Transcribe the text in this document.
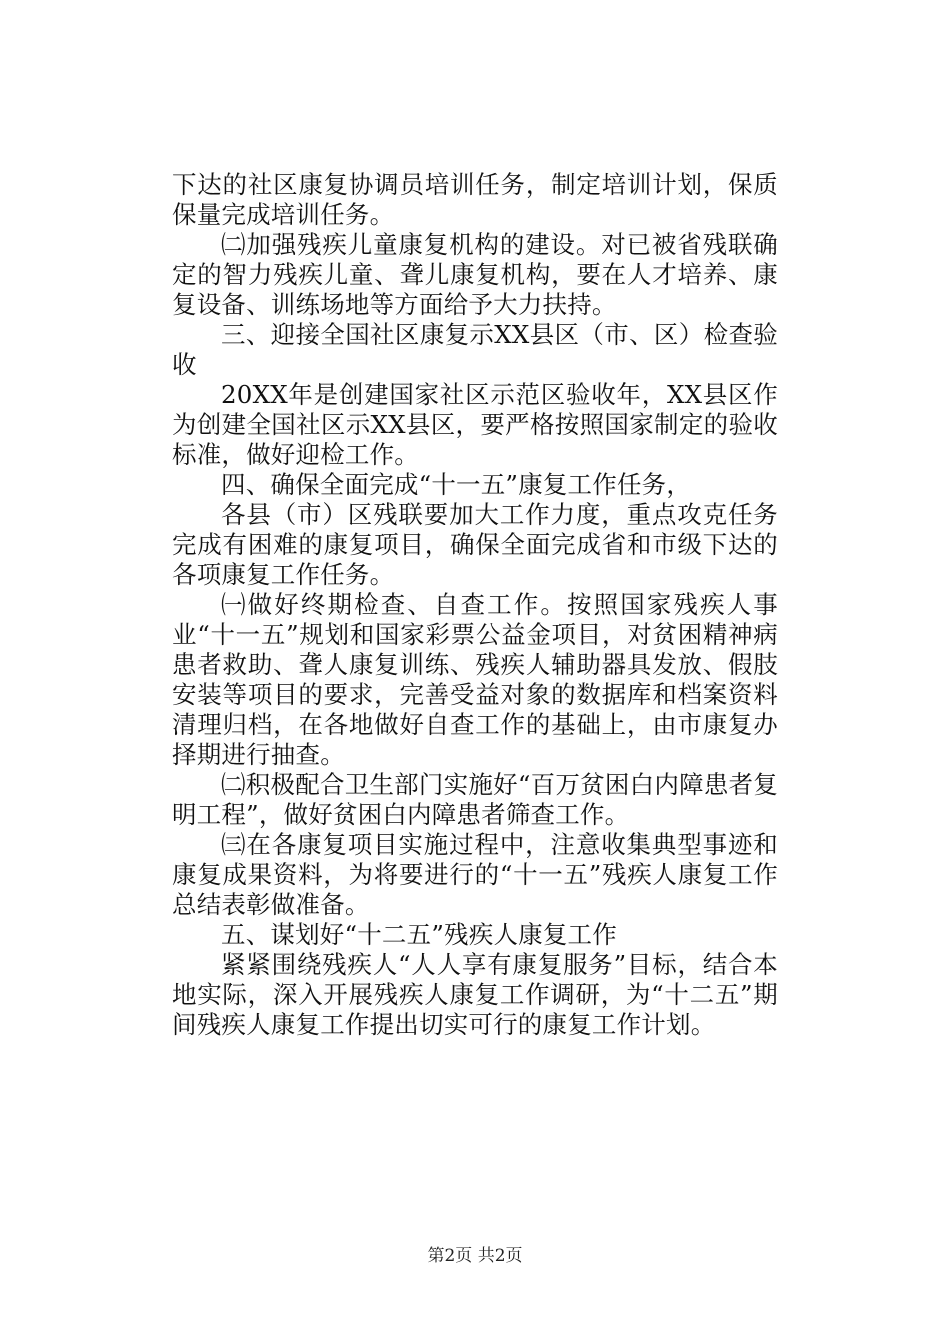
下达的社区康复协调员培训任务，制定培训计划，保质保量完成培训任务。

㈡加强残疾儿童康复机构的建设。对已被省残联确定的智力残疾儿童、聋儿康复机构，要在人才培养、康复设备、训练场地等方面给予大力扶持。

三、迎接全国社区康复示XX县区（市、区）检查验收

20XX年是创建国家社区示范区验收年，XX县区作为创建全国社区示XX县区，要严格按照国家制定的验收标准，做好迎检工作。

四、确保全面完成“十一五”康复工作任务，

各县（市）区残联要加大工作力度，重点攻克任务完成有困难的康复项目，确保全面完成省和市级下达的各项康复工作任务。

㈠做好终期检查、自查工作。按照国家残疾人事业“十一五”规划和国家彩票公益金项目，对贫困精神病患者救助、聋人康复训练、残疾人辅助器具发放、假肢安装等项目的要求，完善受益对象的数据库和档案资料清理归档，在各地做好自查工作的基础上，由市康复办择期进行抽查。

㈡积极配合卫生部门实施好“百万贫困白内障患者复明工程”，做好贫困白内障患者筛查工作。

㈢在各康复项目实施过程中，注意收集典型事迹和康复成果资料，为将要进行的“十一五”残疾人康复工作总结表彰做准备。

五、谋划好“十二五”残疾人康复工作

紧紧围绕残疾人“人人享有康复服务”目标，结合本地实际，深入开展残疾人康复工作调研，为“十二五”期间残疾人康复工作提出切实可行的康复工作计划。

第2页 共2页
